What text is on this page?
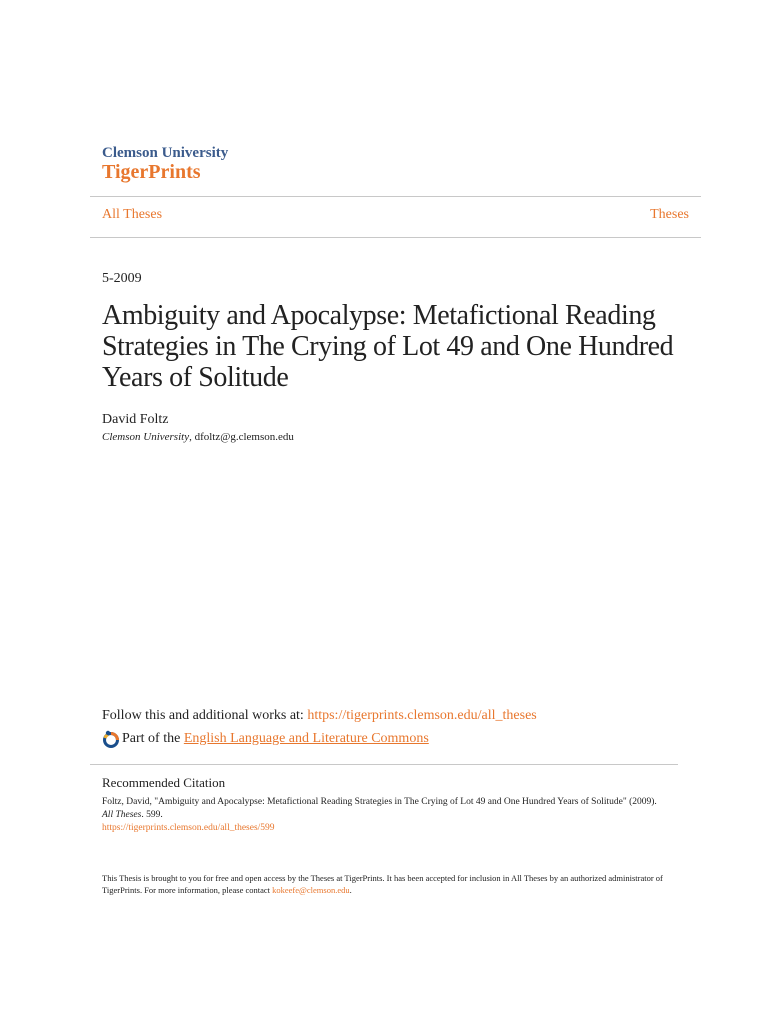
Clemson University
TigerPrints
All Theses	Theses
5-2009
Ambiguity and Apocalypse: Metafictional Reading Strategies in The Crying of Lot 49 and One Hundred Years of Solitude
David Foltz
Clemson University, dfoltz@g.clemson.edu
Follow this and additional works at: https://tigerprints.clemson.edu/all_theses
Part of the English Language and Literature Commons
Recommended Citation
Foltz, David, "Ambiguity and Apocalypse: Metafictional Reading Strategies in The Crying of Lot 49 and One Hundred Years of Solitude" (2009). All Theses. 599.
https://tigerprints.clemson.edu/all_theses/599
This Thesis is brought to you for free and open access by the Theses at TigerPrints. It has been accepted for inclusion in All Theses by an authorized administrator of TigerPrints. For more information, please contact kokeefe@clemson.edu.
